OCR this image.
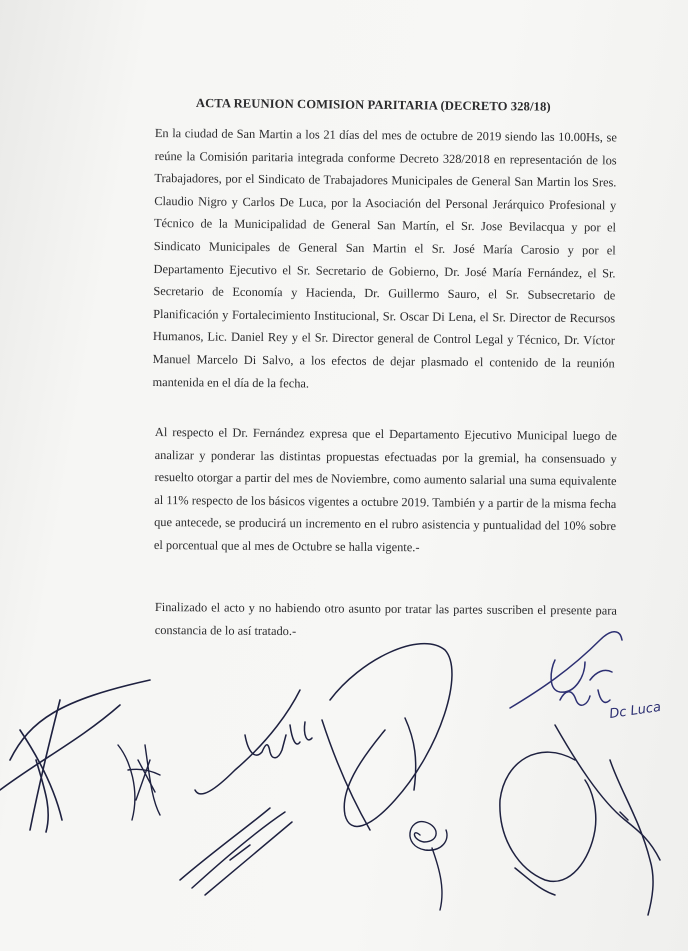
ACTA REUNION COMISION PARITARIA (DECRETO 328/18)
En la ciudad de San Martin a los 21 días del mes de octubre de 2019 siendo las 10.00Hs, se reúne la Comisión paritaria integrada conforme Decreto 328/2018 en representación de los Trabajadores, por el Sindicato de Trabajadores Municipales de General San Martin los Sres. Claudio Nigro y Carlos De Luca, por la Asociación del Personal Jerárquico Profesional y Técnico de la Municipalidad de General San Martín, el Sr. Jose Bevilacqua y por el Sindicato Municipales de General San Martin el Sr. José María Carosio y por el Departamento Ejecutivo el Sr. Secretario de Gobierno, Dr. José María Fernández, el Sr. Secretario de Economía y Hacienda, Dr. Guillermo Sauro, el Sr. Subsecretario de Planificación y Fortalecimiento Institucional, Sr. Oscar Di Lena, el Sr. Director de Recursos Humanos, Lic. Daniel Rey y el Sr. Director general de Control Legal y Técnico, Dr. Víctor Manuel Marcelo Di Salvo, a los efectos de dejar plasmado el contenido de la reunión mantenida en el día de la fecha.
Al respecto el Dr. Fernández expresa que el Departamento Ejecutivo Municipal luego de analizar y ponderar las distintas propuestas efectuadas por la gremial, ha consensuado y resuelto otorgar a partir del mes de Noviembre, como aumento salarial una suma equivalente al 11% respecto de los básicos vigentes a octubre 2019. También y a partir de la misma fecha que antecede, se producirá un incremento en el rubro asistencia y puntualidad del 10% sobre el porcentual que al mes de Octubre se halla vigente.-
Finalizado el acto y no habiendo otro asunto por tratar las partes suscriben el presente para constancia de lo así tratado.-
Dc Luca
